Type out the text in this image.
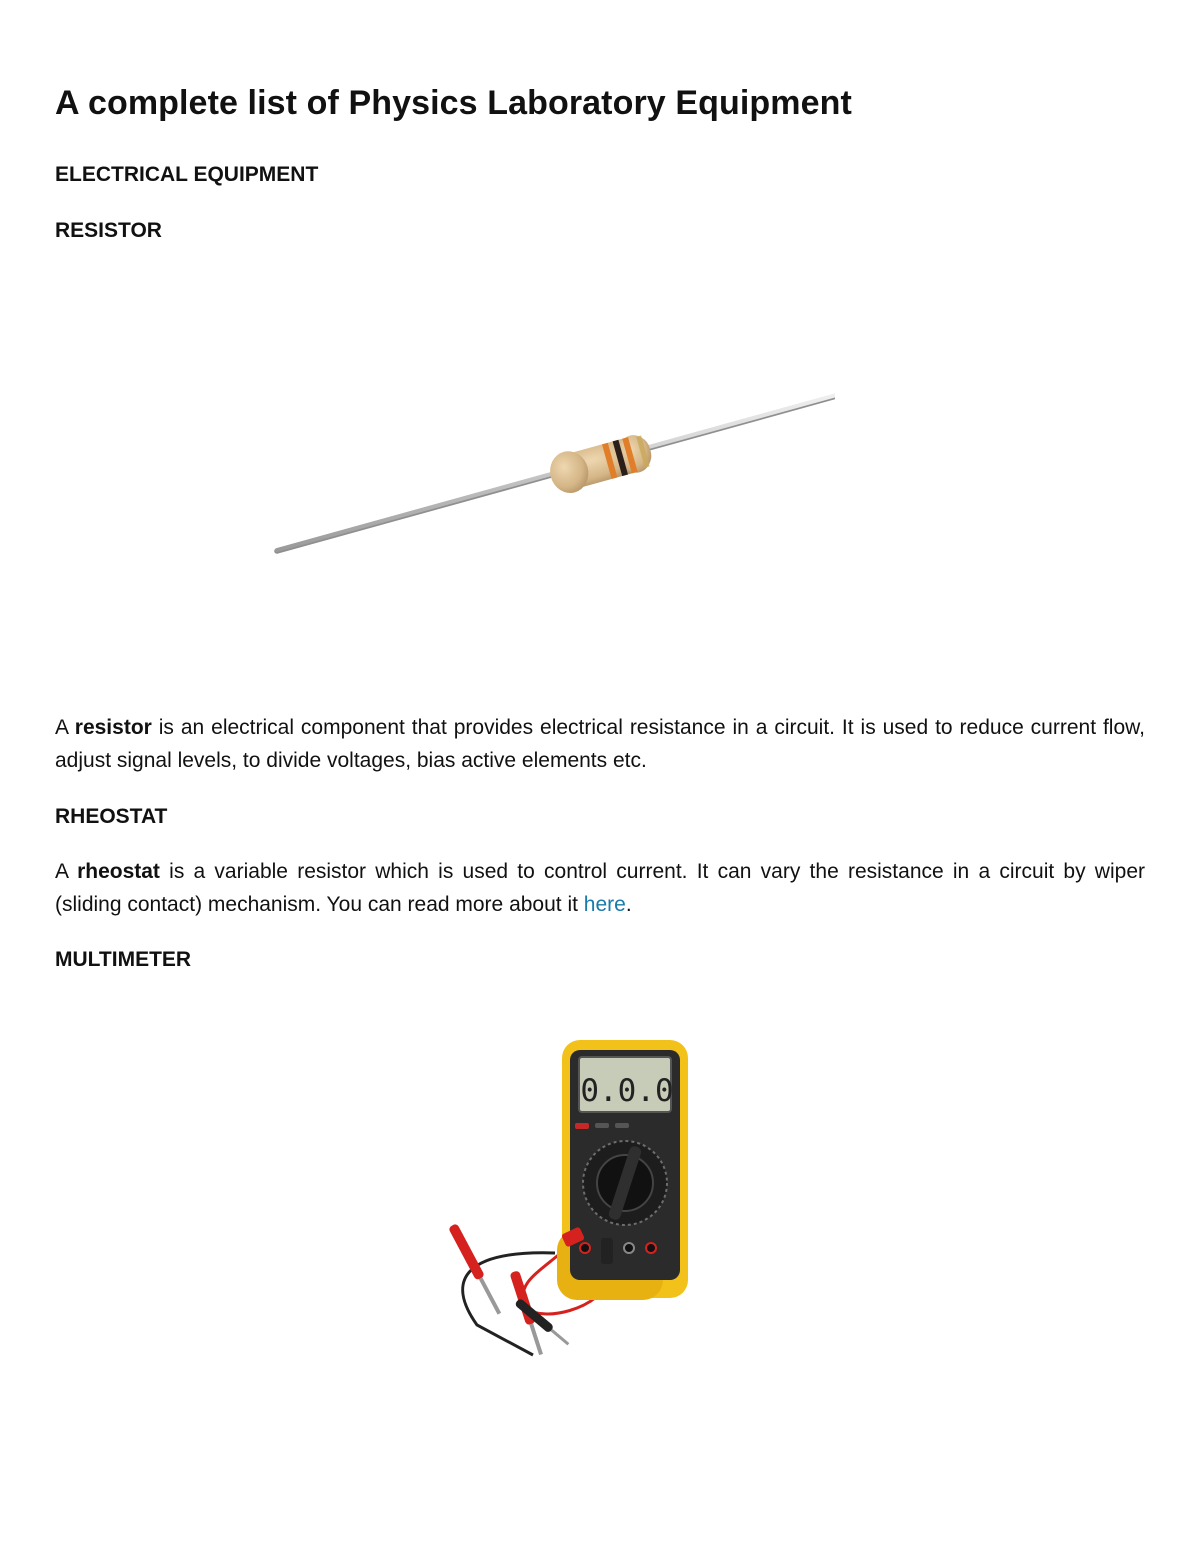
A complete list of Physics Laboratory Equipment
ELECTRICAL EQUIPMENT
RESISTOR

A resistor is an electrical component that provides electrical resistance in a circuit. It is used to reduce current flow, adjust signal levels, to divide voltages, bias active elements etc.

RHEOSTAT

A rheostat is a variable resistor which is used to control current. It can vary the resistance in a circuit by wiper (sliding contact) mechanism. You can read more about it here.

MULTIMETER
0.0.0
